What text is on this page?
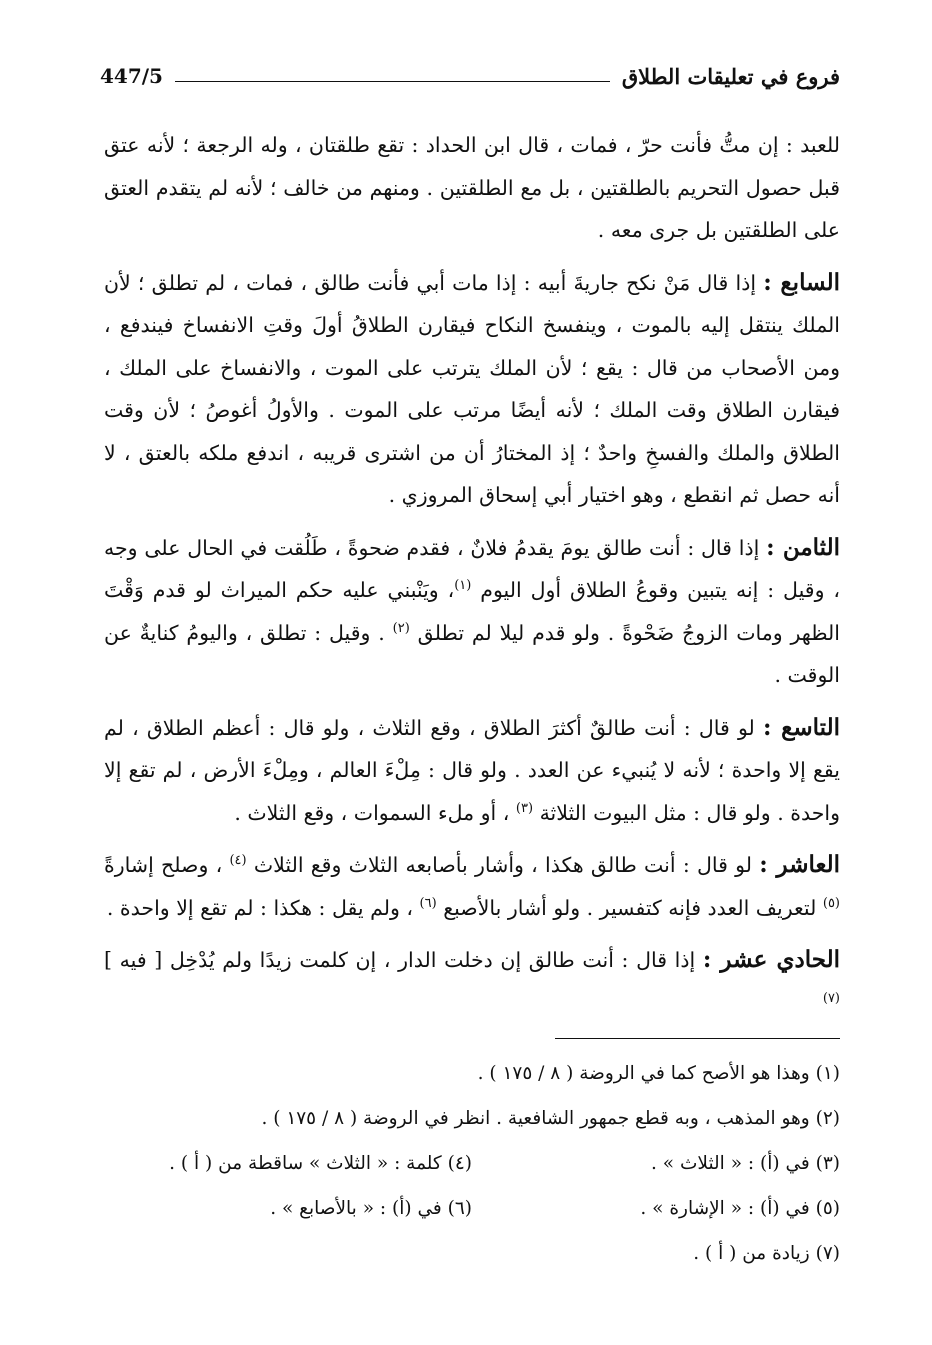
فروع في تعليقات الطلاق
447/5

للعبد : إن متُّ فأنت حرّ ، فمات ، قال ابن الحداد : تقع طلقتان ، وله الرجعة ؛ لأنه عتق قبل حصول التحريم بالطلقتين ، بل مع الطلقتين . ومنهم من خالف ؛ لأنه لم يتقدم العتق على الطلقتين بل جرى معه .

السابع : إذا قال مَنْ نكح جاريةَ أبيه : إذا مات أبي فأنت طالق ، فمات ، لم تطلق ؛ لأن الملك ينتقل إليه بالموت ، وينفسخ النكاح فيقارن الطلاقُ أولَ وقتِ الانفساخ فيندفع ، ومن الأصحاب من قال : يقع ؛ لأن الملك يترتب على الموت ، والانفساخ على الملك ، فيقارن الطلاق وقت الملك ؛ لأنه أيضًا مرتب على الموت . والأولُ أغوصُ ؛ لأن وقت الطلاق والملك والفسخِ واحدٌ ؛ إذ المختارُ أن من اشترى قريبه ، اندفع ملكه بالعتق ، لا أنه حصل ثم انقطع ، وهو اختيار أبي إسحاق المروزي .

الثامن : إذا قال : أنت طالق يومَ يقدمُ فلانٌ ، فقدم ضحوةً ، طَلُقت في الحال على وجه ، وقيل : إنه يتبين وقوعُ الطلاق أول اليوم $^{(١)}$، ويَنْبني عليه حكم الميراث لو قدم وَقْتَ الظهر ومات الزوجُ ضَحْوةً . ولو قدم ليلا لم تطلق $^{(٢)}$ . وقيل : تطلق ، واليومُ كنايةٌ عن الوقت .

التاسع : لو قال : أنت طالقٌ أكثرَ الطلاق ، وقع الثلاث ، ولو قال : أعظم الطلاق ، لم يقع إلا واحدة ؛ لأنه لا يُنبيء عن العدد . ولو قال : مِلْءَ العالم ، ومِلْءَ الأرض ، لم تقع إلا واحدة . ولو قال : مثل البيوت الثلاثة $^{(٣)}$ ، أو ملء السموات ، وقع الثلاث .

العاشر : لو قال : أنت طالق هكذا ، وأشار بأصابعه الثلاث وقع الثلاث $^{(٤)}$ ، وصلح إشارةً $^{(٥)}$ لتعريف العدد فإنه كتفسير . ولو أشار بالأصبع $^{(٦)}$ ، ولم يقل : هكذا : لم تقع إلا واحدة .

الحادي عشر : إذا قال : أنت طالق إن دخلت الدار ، إن كلمت زيدًا ولم يُدْخِل [ فيه ] $^{(٧)}$

(١) وهذا هو الأصح كما في الروضة ( ٨ / ١٧٥ ) .
(٢) وهو المذهب ، وبه قطع جمهور الشافعية . انظر في الروضة ( ٨ / ١٧٥ ) .
(٣) في (أ) : « الثلاث » .
(٤) كلمة : « الثلاث » ساقطة من ( أ ) .
(٥) في (أ) : « الإشارة » .
(٦) في (أ) : « بالأصابع » .
(٧) زيادة من ( أ ) .
